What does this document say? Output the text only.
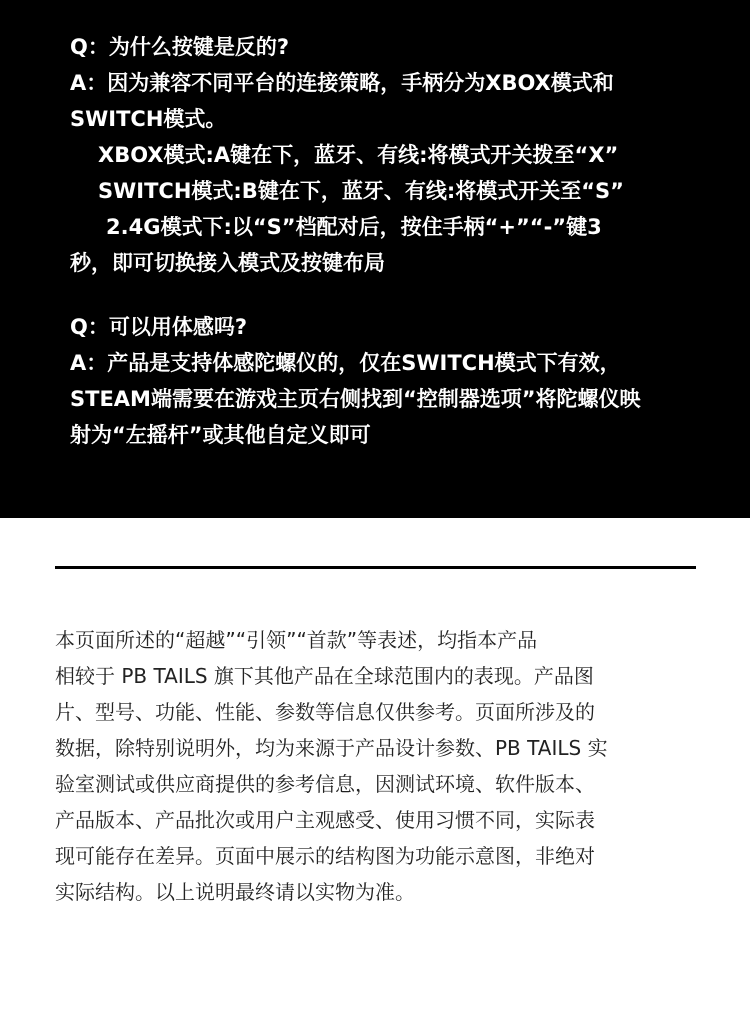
Q：为什么按键是反的?
A：因为兼容不同平台的连接策略，手柄分为XBOX模式和
SWITCH模式。
XBOX模式:A键在下，蓝牙、有线:将模式开关拨至“X”
SWITCH模式:B键在下，蓝牙、有线:将模式开关至“S”
2.4G模式下:以“S”档配对后，按住手柄“+”“-”键3
秒，即可切换接入模式及按键布局
Q：可以用体感吗?
A：产品是支持体感陀螺仪的，仅在SWITCH模式下有效，
STEAM端需要在游戏主页右侧找到“控制器选项”将陀螺仪映
射为“左摇杆”或其他自定义即可
本页面所述的“超越”“引领”“首款”等表述，均指本产品
相较于 PB TAILS 旗下其他产品在全球范围内的表现。产品图
片、型号、功能、性能、参数等信息仅供参考。页面所涉及的
数据，除特别说明外，均为来源于产品设计参数、PB TAILS 实
验室测试或供应商提供的参考信息，因测试环境、软件版本、
产品版本、产品批次或用户主观感受、使用习惯不同，实际表
现可能存在差异。页面中展示的结构图为功能示意图，非绝对
实际结构。以上说明最终请以实物为准。
